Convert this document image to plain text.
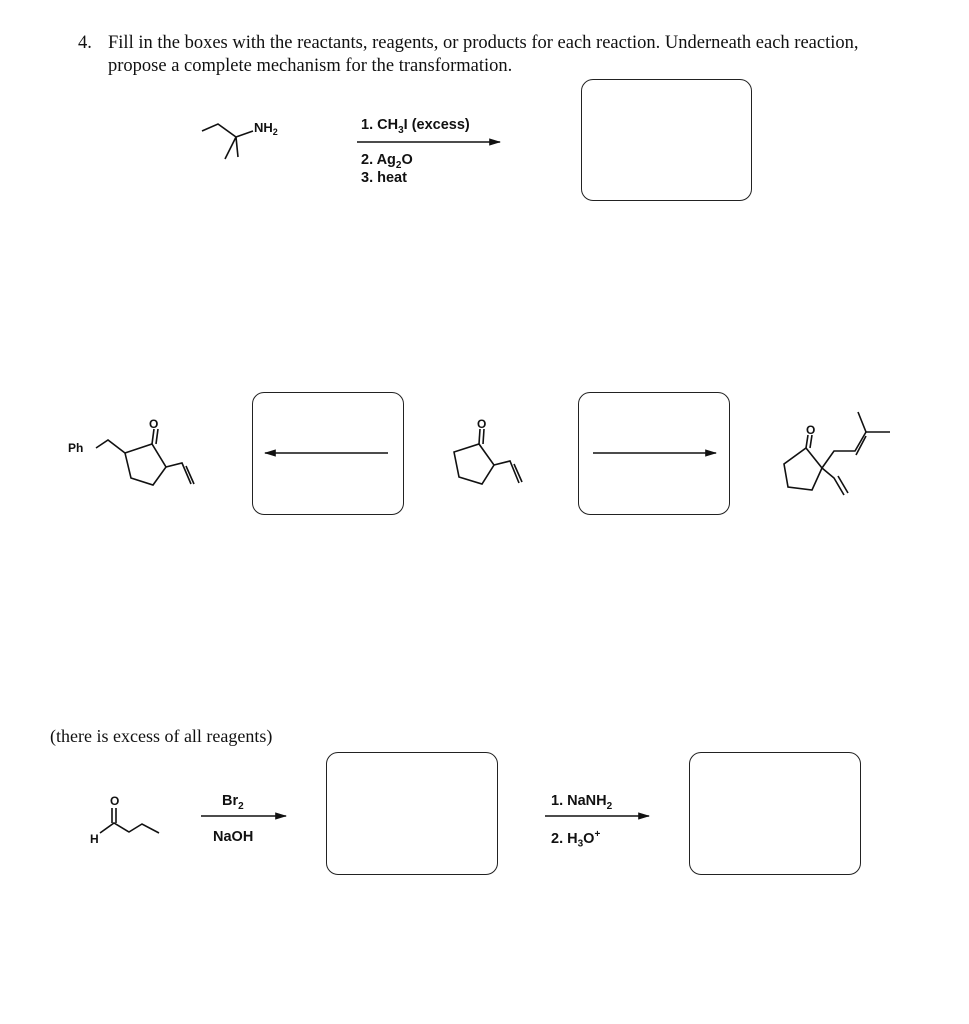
4. Fill in the boxes with the reactants, reagents, or products for each reaction. Underneath each reaction,
propose a complete mechanism for the transformation.
1. $CH_3I$ (excess)
2. $Ag_2O$
3. heat
(there is excess of all reagents)
$Br_2$
NaOH
1. NaNH$_2$
2. $H_3O^+$
$NH_2$
Ph
O	O	O
H
O
